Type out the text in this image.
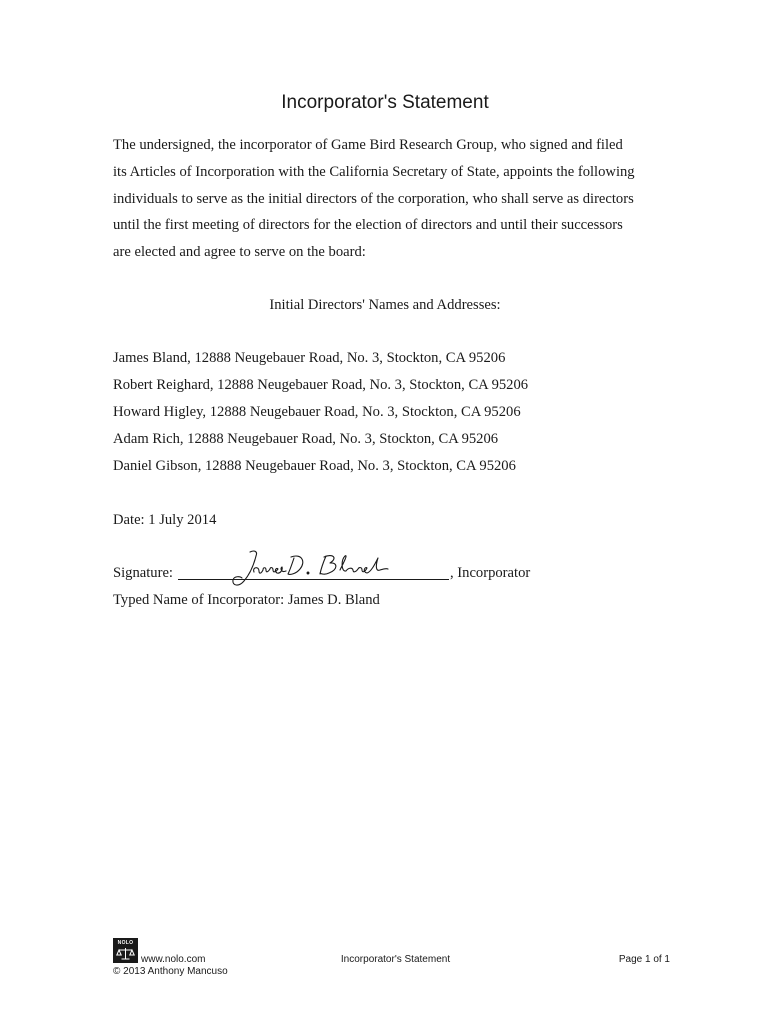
Incorporator's Statement
The undersigned, the incorporator of Game Bird Research Group, who signed and filed
its Articles of Incorporation with the California Secretary of State, appoints the following
individuals to serve as the initial directors of the corporation, who shall serve as directors
until the first meeting of directors for the election of directors and until their successors
are elected and agree to serve on the board:
Initial Directors' Names and Addresses:
James Bland, 12888 Neugebauer Road, No. 3, Stockton, CA 95206
Robert Reighard, 12888 Neugebauer Road, No. 3, Stockton, CA 95206
Howard Higley, 12888 Neugebauer Road, No. 3, Stockton, CA 95206
Adam Rich, 12888 Neugebauer Road, No. 3, Stockton, CA 95206
Daniel Gibson, 12888 Neugebauer Road, No. 3, Stockton, CA 95206
Date: 1 July 2014
Signature:	, Incorporator
Typed Name of Incorporator: James D. Bland
NOLO
www.nolo.com
© 2013 Anthony Mancuso
Incorporator's Statement	Page 1 of 1
